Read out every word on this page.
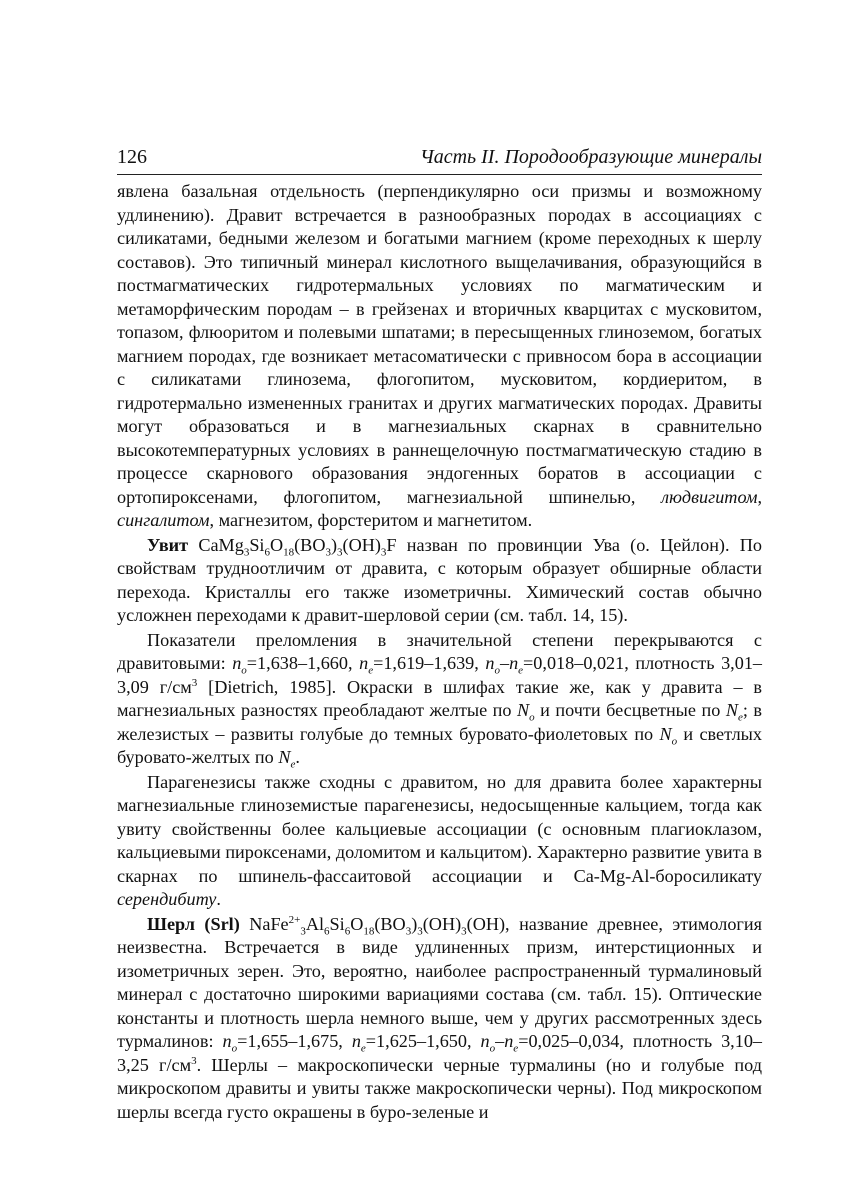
126	Часть II. Породообразующие минералы

явлена базальная отдельность (перпендикулярно оси призмы и возможному удлинению). Дравит встречается в разнообразных породах в ассоциациях с силикатами, бедными железом и богатыми магнием (кроме переходных к шерлу составов). Это типичный минерал кислотного выщелачивания, образующийся в постмагматических гидротермальных условиях по магматическим и метаморфическим породам – в грейзенах и вторичных кварцитах с мусковитом, топазом, флюоритом и полевыми шпатами; в пересыщенных глиноземом, богатых магнием породах, где возникает метасоматически с привносом бора в ассоциации с силикатами глинозема, флогопитом, мусковитом, кордиеритом, в гидротермально измененных гранитах и других магматических породах. Дравиты могут образоваться и в магнезиальных скарнах в сравнительно высокотемпературных условиях в раннещелочную постмагматическую стадию в процессе скарнового образования эндогенных боратов в ассоциации с ортопироксенами, флогопитом, магнезиальной шпинелью, людвигитом, сингалитом, магнезитом, форстеритом и магнетитом.

Увит $CaMg_3Si_6O_{18}(BO_3)_3(OH)_3F$ назван по провинции Ува (о. Цейлон). По свойствам трудноотличим от дравита, с которым образует обширные области перехода. Кристаллы его также изометричны. Химический состав обычно усложнен переходами к дравит-шерловой серии (см. табл. 14, 15).

Показатели преломления в значительной степени перекрываются с дравитовыми: $n_o=1,638-1,660$, $n_e=1,619-1,639$, $n_o-n_e=0,018-0,021$, плотность 3,01–3,09 $г/см^3$ [Dietrich, 1985]. Окраски в шлифах такие же, как у дравита – в магнезиальных разностях преобладают желтые по $N_o$ и почти бесцветные по $N_e$; в железистых – развиты голубые до темных буровато-фиолетовых по $N_o$ и светлых буровато-желтых по $N_e$.

Парагенезисы также сходны с дравитом, но для дравита более характерны магнезиальные глиноземистые парагенезисы, недосыщенные кальцием, тогда как увиту свойственны более кальциевые ассоциации (с основным плагиоклазом, кальциевыми пироксенами, доломитом и кальцитом). Характерно развитие увита в скарнах по шпинель-фассаитовой ассоциации и Ca-Mg-Al-боросиликату серендибиту.

Шерл (Srl) $NaFe^{2+}_3Al_6Si_6O_{18}(BO_3)_3(OH)_3(OH)$, название древнее, этимология неизвестна. Встречается в виде удлиненных призм, интерстиционных и изометричных зерен. Это, вероятно, наиболее распространенный турмалиновый минерал с достаточно широкими вариациями состава (см. табл. 15). Оптические константы и плотность шерла немного выше, чем у других рассмотренных здесь турмалинов: $n_o=1,655-1,675$, $n_e=1,625-1,650$, $n_o-n_e=0,025-0,034$, плотность 3,10–3,25 $г/см^3$. Шерлы – макроскопически черные турмалины (но и голубые под микроскопом дравиты и увиты также макроскопически черны). Под микроскопом шерлы всегда густо окрашены в буро-зеленые и
